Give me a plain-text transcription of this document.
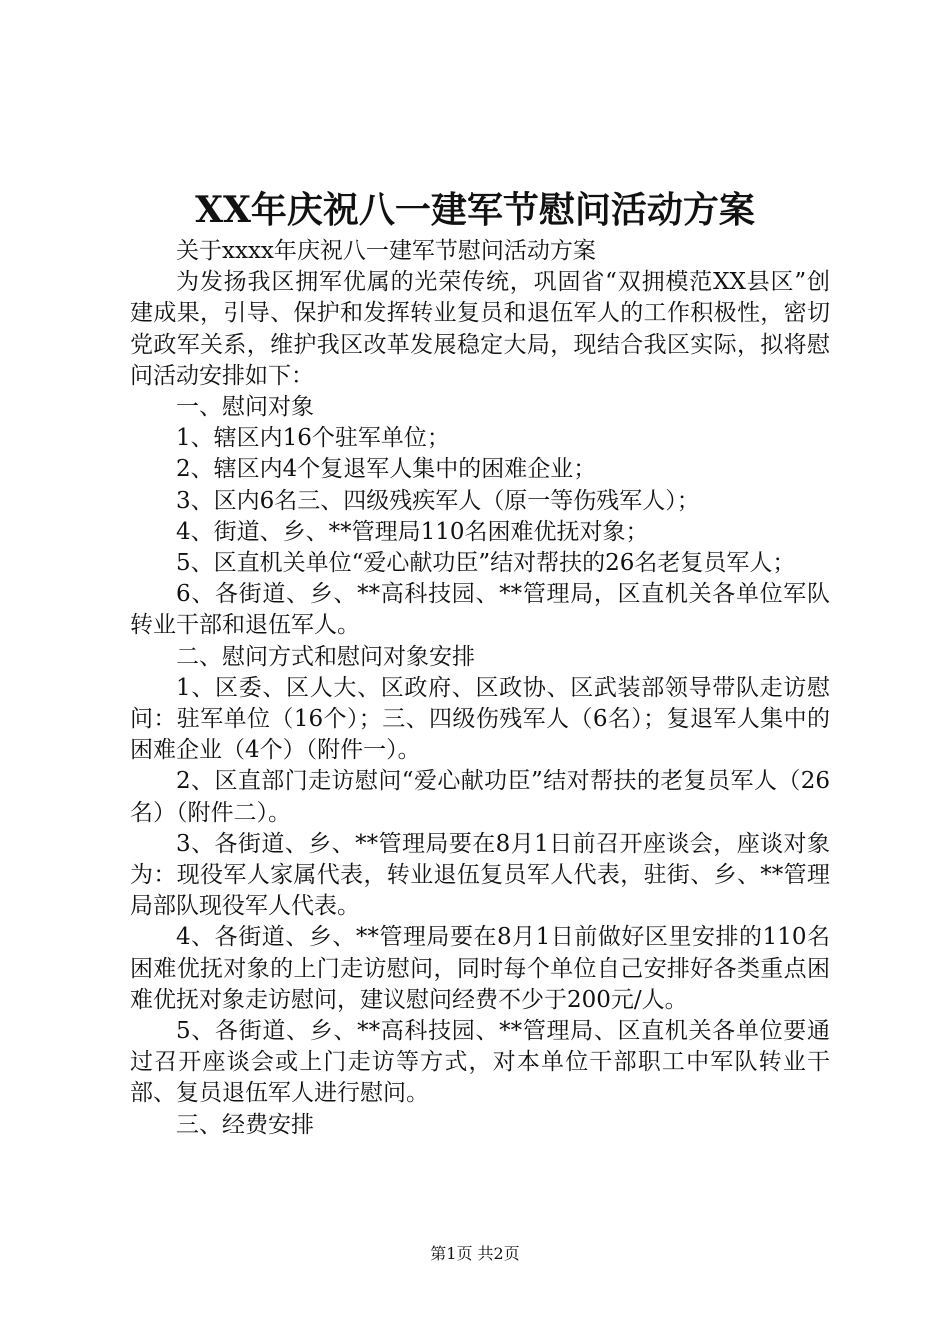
XX年庆祝八一建军节慰问活动方案

关于xxxx年庆祝八一建军节慰问活动方案

为发扬我区拥军优属的光荣传统，巩固省“双拥模范XX县区”创建成果，引导、保护和发挥转业复员和退伍军人的工作积极性，密切党政军关系，维护我区改革发展稳定大局，现结合我区实际，拟将慰问活动安排如下：

一、慰问对象

1、辖区内16个驻军单位；

2、辖区内4个复退军人集中的困难企业；

3、区内6名三、四级残疾军人（原一等伤残军人）；

4、街道、乡、**管理局110名困难优抚对象；

5、区直机关单位“爱心献功臣”结对帮扶的26名老复员军人；

6、各街道、乡、**高科技园、**管理局，区直机关各单位军队转业干部和退伍军人。

二、慰问方式和慰问对象安排

1、区委、区人大、区政府、区政协、区武装部领导带队走访慰问：驻军单位（16个）；三、四级伤残军人（6名）；复退军人集中的困难企业（4个）（附件一）。

2、区直部门走访慰问“爱心献功臣”结对帮扶的老复员军人（26名）（附件二）。

3、各街道、乡、**管理局要在8月1日前召开座谈会，座谈对象为：现役军人家属代表，转业退伍复员军人代表，驻街、乡、**管理局部队现役军人代表。

4、各街道、乡、**管理局要在8月1日前做好区里安排的110名困难优抚对象的上门走访慰问，同时每个单位自己安排好各类重点困难优抚对象走访慰问，建议慰问经费不少于200元/人。

5、各街道、乡、**高科技园、**管理局、区直机关各单位要通过召开座谈会或上门走访等方式，对本单位干部职工中军队转业干部、复员退伍军人进行慰问。

三、经费安排

第1页 共2页
